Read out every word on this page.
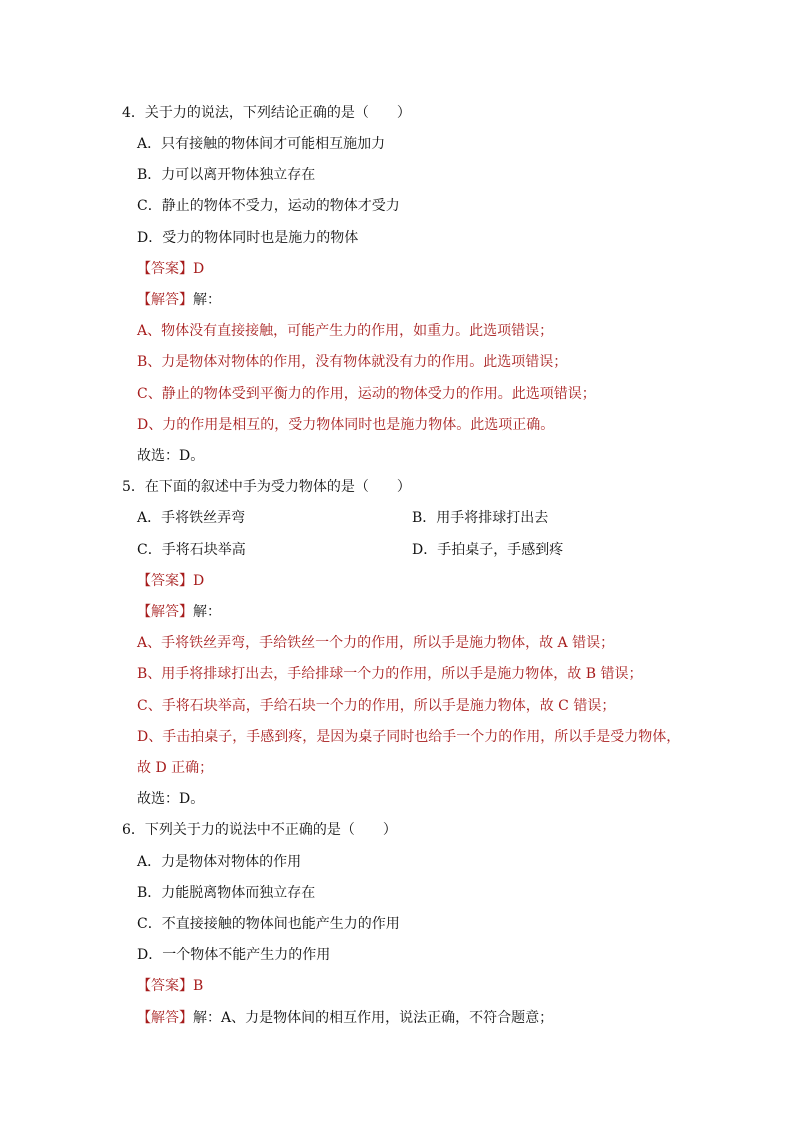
4．关于力的说法，下列结论正确的是（　　）
A．只有接触的物体间才可能相互施加力
B．力可以离开物体独立存在
C．静止的物体不受力，运动的物体才受力
D．受力的物体同时也是施力的物体
【答案】D
【解答】解：
A、物体没有直接接触，可能产生力的作用，如重力。此选项错误；
B、力是物体对物体的作用，没有物体就没有力的作用。此选项错误；
C、静止的物体受到平衡力的作用，运动的物体受力的作用。此选项错误；
D、力的作用是相互的，受力物体同时也是施力物体。此选项正确。
故选：D。
5．在下面的叙述中手为受力物体的是（　　）
A．手将铁丝弄弯	B．用手将排球打出去
C．手将石块举高	D．手拍桌子，手感到疼
【答案】D
【解答】解：
A、手将铁丝弄弯，手给铁丝一个力的作用，所以手是施力物体，故 A 错误；
B、用手将排球打出去，手给排球一个力的作用，所以手是施力物体，故 B 错误；
C、手将石块举高，手给石块一个力的作用，所以手是施力物体，故 C 错误；
D、手击拍桌子，手感到疼，是因为桌子同时也给手一个力的作用，所以手是受力物体，
故 D 正确；
故选：D。
6．下列关于力的说法中不正确的是（　　）
A．力是物体对物体的作用
B．力能脱离物体而独立存在
C．不直接接触的物体间也能产生力的作用
D．一个物体不能产生力的作用
【答案】B
【解答】解：A、力是物体间的相互作用，说法正确，不符合题意；
